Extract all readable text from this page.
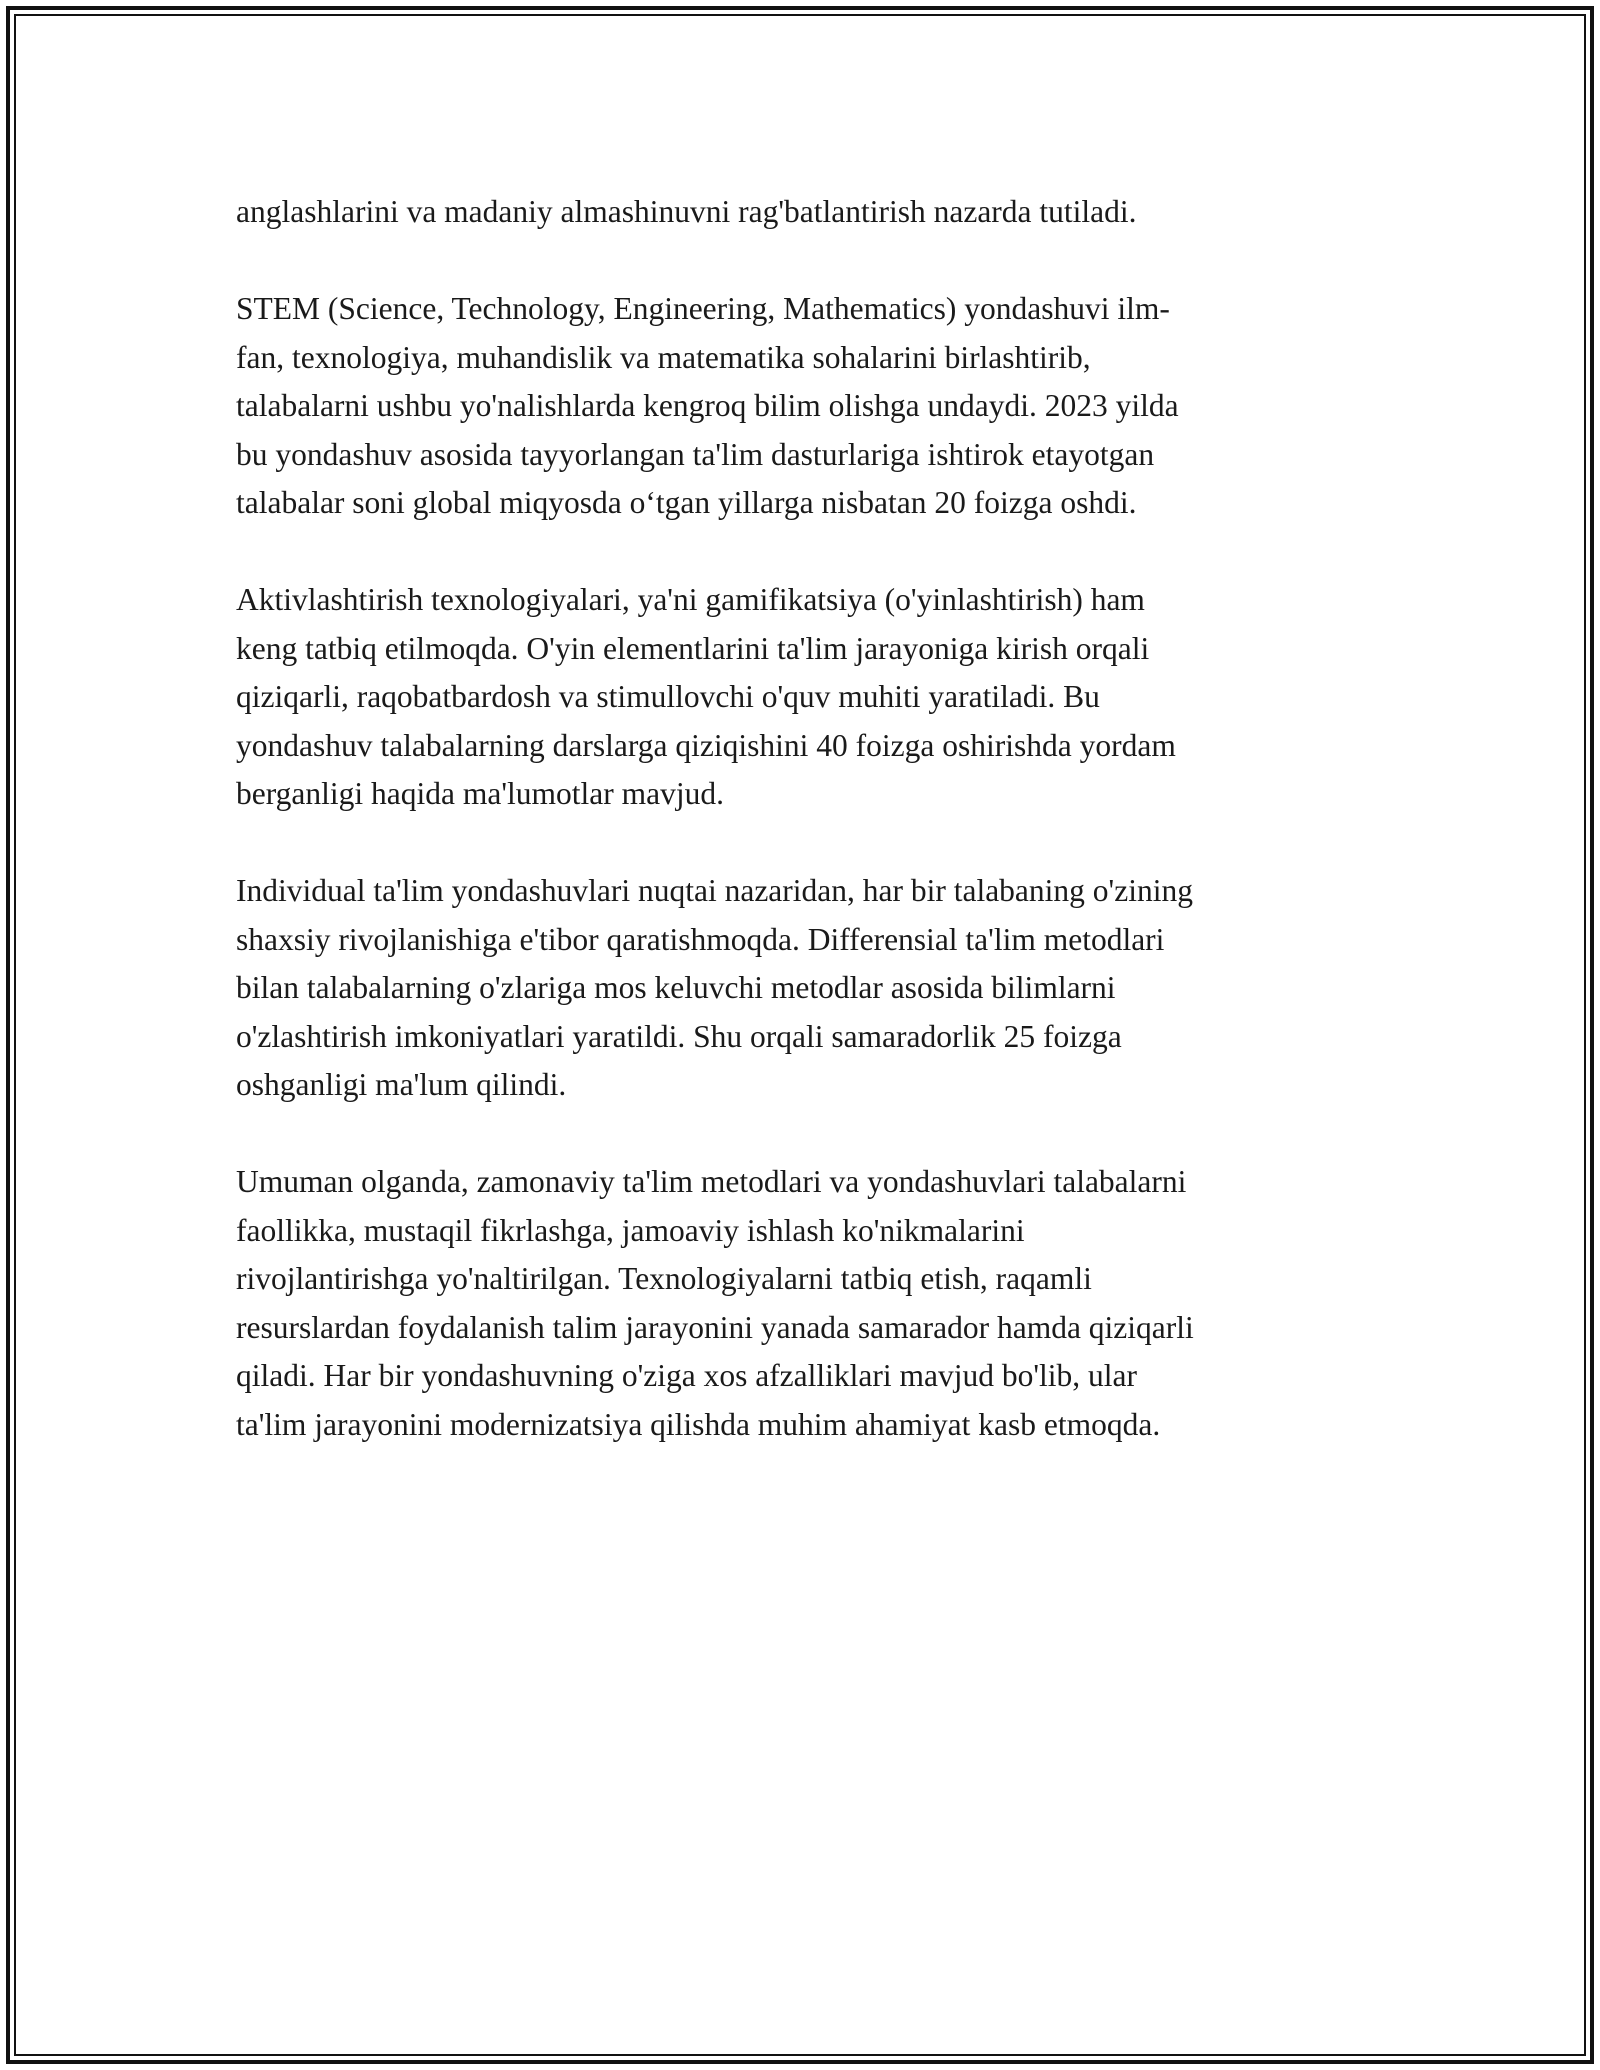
anglashlarini va madaniy almashinuvni rag'batlantirish nazarda tutiladi.

STEM (Science, Technology, Engineering, Mathematics) yondashuvi ilm-
fan, texnologiya, muhandislik va matematika sohalarini birlashtirib,
talabalarni ushbu yo'nalishlarda kengroq bilim olishga undaydi. 2023 yilda
bu yondashuv asosida tayyorlangan ta'lim dasturlariga ishtirok etayotgan
talabalar soni global miqyosda o‘tgan yillarga nisbatan 20 foizga oshdi.

Aktivlashtirish texnologiyalari, ya'ni gamifikatsiya (o'yinlashtirish) ham
keng tatbiq etilmoqda. O'yin elementlarini ta'lim jarayoniga kirish orqali
qiziqarli, raqobatbardosh va stimullovchi o'quv muhiti yaratiladi. Bu
yondashuv talabalarning darslarga qiziqishini 40 foizga oshirishda yordam
berganligi haqida ma'lumotlar mavjud.

Individual ta'lim yondashuvlari nuqtai nazaridan, har bir talabaning o'zining
shaxsiy rivojlanishiga e'tibor qaratishmoqda. Differensial ta'lim metodlari
bilan talabalarning o'zlariga mos keluvchi metodlar asosida bilimlarni
o'zlashtirish imkoniyatlari yaratildi. Shu orqali samaradorlik 25 foizga
oshganligi ma'lum qilindi.

Umuman olganda, zamonaviy ta'lim metodlari va yondashuvlari talabalarni
faollikka, mustaqil fikrlashga, jamoaviy ishlash ko'nikmalarini
rivojlantirishga yo'naltirilgan. Texnologiyalarni tatbiq etish, raqamli
resurslardan foydalanish talim jarayonini yanada samarador hamda qiziqarli
qiladi. Har bir yondashuvning o'ziga xos afzalliklari mavjud bo'lib, ular
ta'lim jarayonini modernizatsiya qilishda muhim ahamiyat kasb etmoqda.
